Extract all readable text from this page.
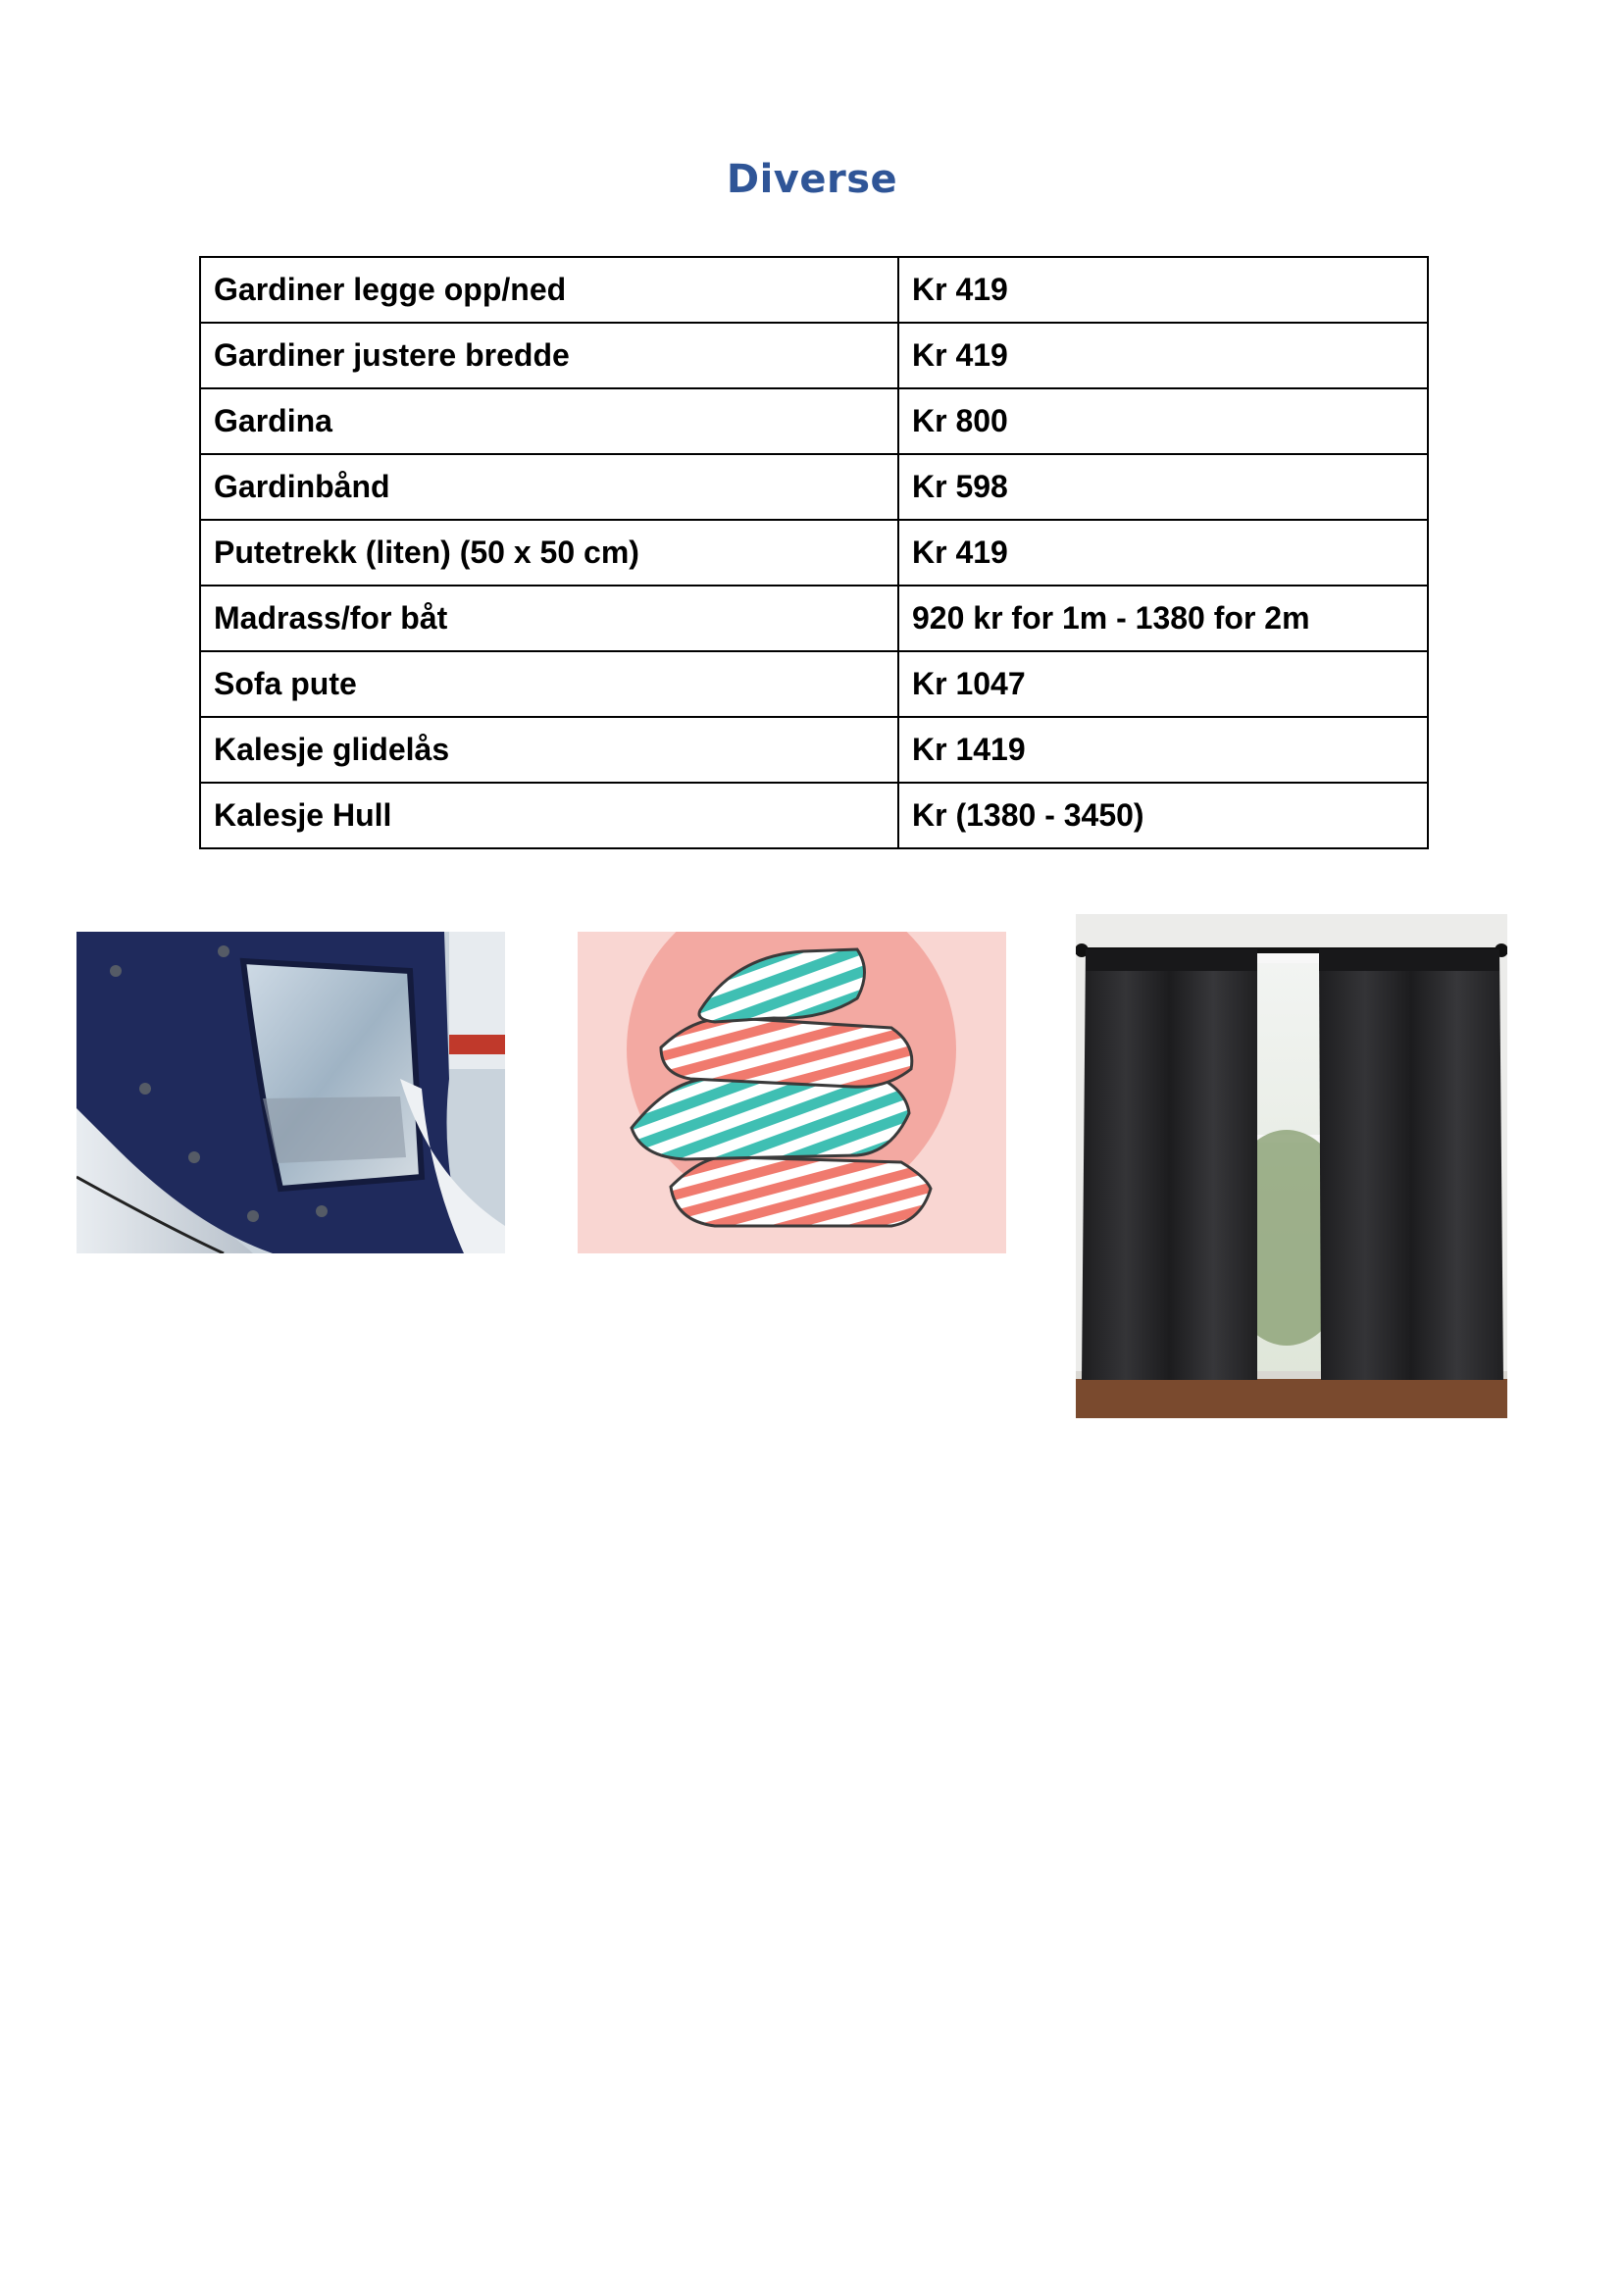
Diverse
Gardiner legge opp/ned	Kr 419
Gardiner justere bredde	Kr 419
Gardina	Kr 800
Gardinbånd	Kr 598
Putetrekk (liten) (50 x 50 cm)	Kr 419
Madrass/for båt	920 kr for 1m - 1380 for 2m
Sofa pute	Kr 1047
Kalesje glidelås	Kr 1419
Kalesje Hull	Kr (1380 - 3450)
